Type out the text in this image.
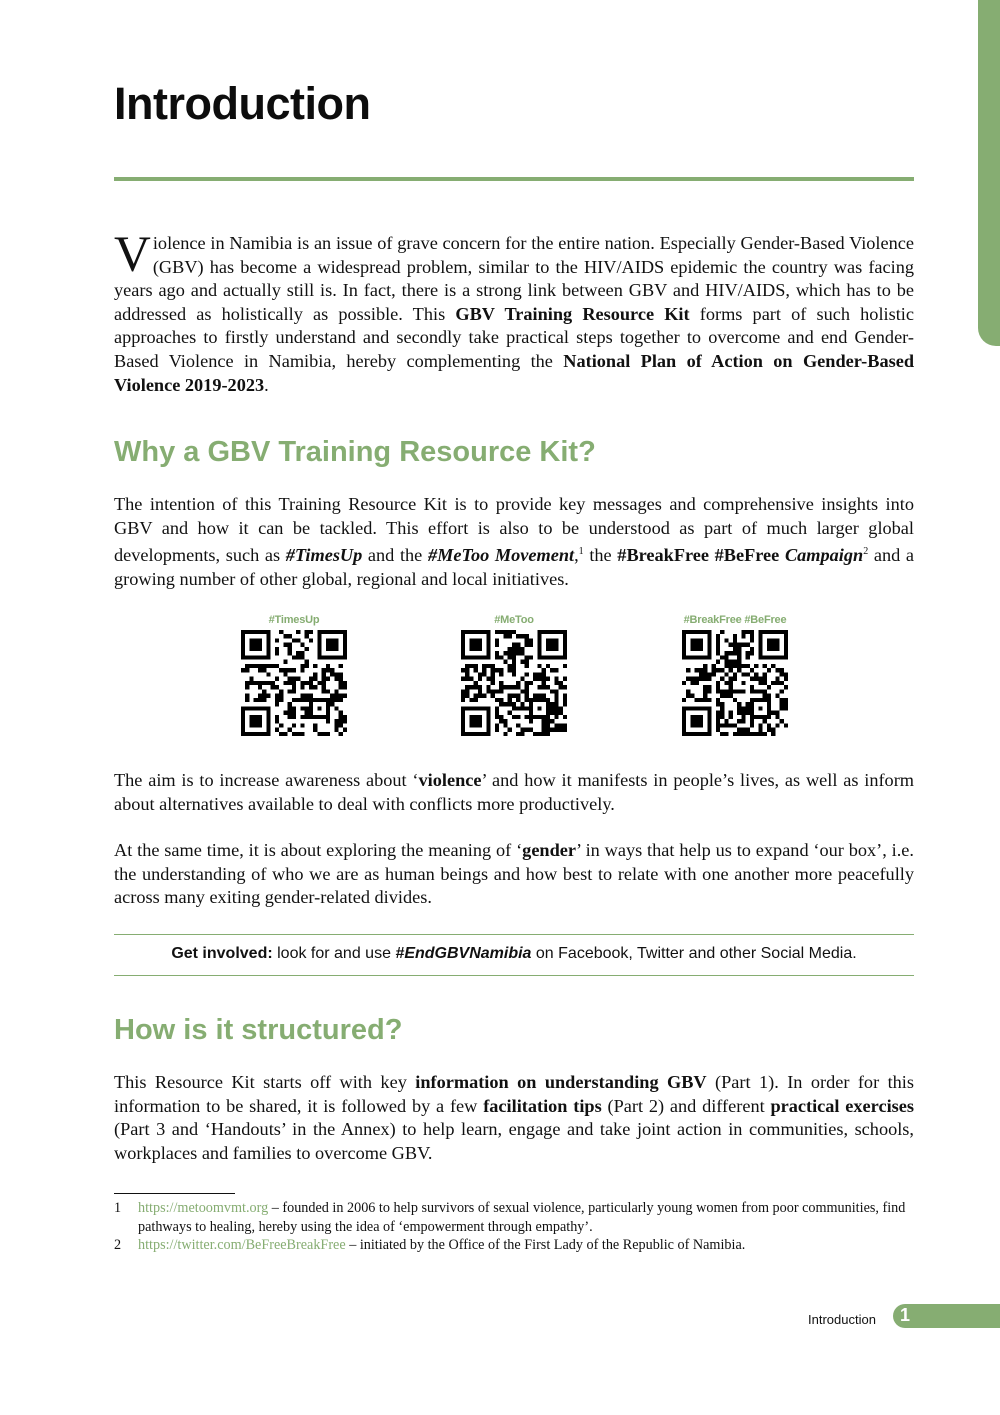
Introduction

Violence in Namibia is an issue of grave concern for the entire nation. Especially Gender-Based Violence (GBV) has become a widespread problem, similar to the HIV/AIDS epidemic the country was facing years ago and actually still is. In fact, there is a strong link between GBV and HIV/AIDS, which has to be addressed as holistically as possible. This GBV Training Resource Kit forms part of such holistic approaches to firstly understand and secondly take practical steps together to overcome and end Gender-Based Violence in Namibia, hereby complementing the National Plan of Action on Gender-Based Violence 2019-2023.

Why a GBV Training Resource Kit?

The intention of this Training Resource Kit is to provide key messages and comprehensive insights into GBV and how it can be tackled. This effort is also to be understood as part of much larger global developments, such as #TimesUp and the #MeToo Movement,$^1$ the #BreakFree #BeFree Campaign$^2$ and a growing number of other global, regional and local initiatives.

#TimesUp	#MeToo	#BreakFree #BeFree

The aim is to increase awareness about ‘violence’ and how it manifests in people’s lives, as well as inform about alternatives available to deal with conflicts more productively.

At the same time, it is about exploring the meaning of ‘gender’ in ways that help us to expand ‘our box’, i.e. the understanding of who we are as human beings and how best to relate with one another more peacefully across many exiting gender-related divides.

Get involved: look for and use #EndGBVNamibia on Facebook, Twitter and other Social Media.
How is it structured?

This Resource Kit starts off with key information on understanding GBV (Part 1). In order for this information to be shared, it is followed by a few facilitation tips (Part 2) and different practical exercises (Part 3 and ‘Handouts’ in the Annex) to help learn, engage and take joint action in communities, schools, workplaces and families to overcome GBV.

1 https://metoomvmt.org – founded in 2006 to help survivors of sexual violence, particularly young women from poor communities, find pathways to healing, hereby using the idea of ‘empowerment through empathy’.
2 https://twitter.com/BeFreeBreakFree – initiated by the Office of the First Lady of the Republic of Namibia.
Introduction 1
